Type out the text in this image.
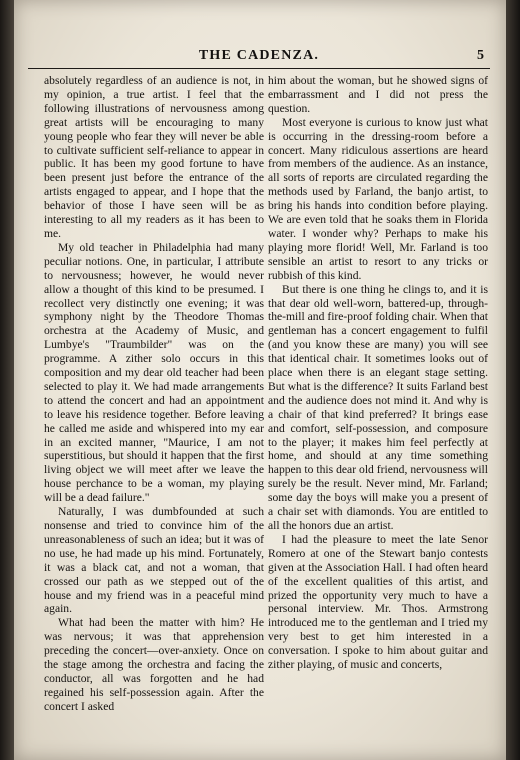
THE CADENZA.	5

absolutely regardless of an audience is not, in my opinion, a true artist. I feel that the following illustrations of nervousness among great artists will be encouraging to many young people who fear they will never be able to cultivate sufficient self-reliance to appear in public. It has been my good fortune to have been present just before the entrance of the artists engaged to appear, and I hope that the behavior of those I have seen will be as interesting to all my readers as it has been to me.

My old teacher in Philadelphia had many peculiar notions. One, in particular, I attribute to nervousness; however, he would never allow a thought of this kind to be presumed. I recollect very distinctly one evening; it was symphony night by the Theodore Thomas orchestra at the Academy of Music, and Lumbye's "Traumbilder" was on the programme. A zither solo occurs in this composition and my dear old teacher had been selected to play it. We had made arrangements to attend the concert and had an appointment to leave his residence together. Before leaving he called me aside and whispered into my ear in an excited manner, "Maurice, I am not superstitious, but should it happen that the first living object we will meet after we leave the house perchance to be a woman, my playing will be a dead failure."

Naturally, I was dumbfounded at such nonsense and tried to convince him of the unreasonableness of such an idea; but it was of no use, he had made up his mind. Fortunately, it was a black cat, and not a woman, that crossed our path as we stepped out of the house and my friend was in a peaceful mind again.

What had been the matter with him? He was nervous; it was that apprehension preceding the concert—over-anxiety. Once on the stage among the orchestra and facing the conductor, all was forgotten and he had regained his self-possession again. After the concert I asked

him about the woman, but he showed signs of embarrassment and I did not press the question.

Most everyone is curious to know just what is occurring in the dressing-room before a concert. Many ridiculous assertions are heard from members of the audience. As an instance, all sorts of reports are circulated regarding the methods used by Farland, the banjo artist, to bring his hands into condition before playing. We are even told that he soaks them in Florida water. I wonder why? Perhaps to make his playing more florid! Well, Mr. Farland is too sensible an artist to resort to any tricks or rubbish of this kind.

But there is one thing he clings to, and it is that dear old well-worn, battered-up, through-the-mill and fire-proof folding chair. When that gentleman has a concert engagement to fulfil (and you know these are many) you will see that identical chair. It sometimes looks out of place when there is an elegant stage setting. But what is the difference? It suits Farland best and the audience does not mind it. And why is a chair of that kind preferred? It brings ease and comfort, self-possession, and composure to the player; it makes him feel perfectly at home, and should at any time something happen to this dear old friend, nervousness will surely be the result. Never mind, Mr. Farland; some day the boys will make you a present of a chair set with diamonds. You are entitled to all the honors due an artist.

I had the pleasure to meet the late Senor Romero at one of the Stewart banjo contests given at the Association Hall. I had often heard of the excellent qualities of this artist, and prized the opportunity very much to have a personal interview. Mr. Thos. Armstrong introduced me to the gentleman and I tried my very best to get him interested in a conversation. I spoke to him about guitar and zither playing, of music and concerts,
